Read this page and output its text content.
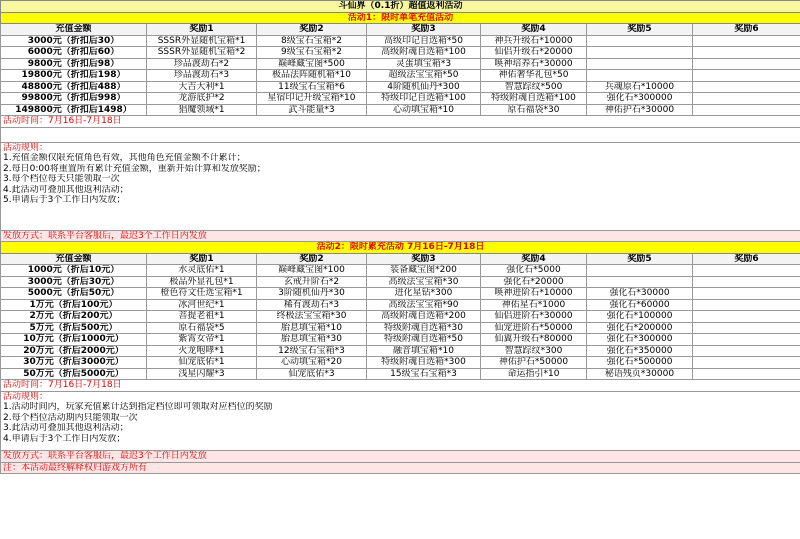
斗仙界（0.1折）超值返利活动						
活动1：限时单笔充值活动						
充值金额	奖励1	奖励2	奖励3	奖励4	奖励5	奖励6
3000元（折扣后30）	SSSR外显随机宝箱*1	8级宝石宝箱*2	高级印记自选箱*50	神兵升级石*10000		
6000元（折扣后60）	SSSR外显随机宝箱*2	9级宝石宝箱*2	高级附魂自选箱*100	仙侣升级石*20000		
9800元（折扣后98）	珍品渡劫石*2	巅峰藏宝图*500	灵蛋填宝箱*3	唤神培养石*30000		
19800元（折扣后198）	珍品渡劫石*3	极品法阵随机箱*10	超级法宝宝箱*50	神佑奢华礼包*50		
48800元（折扣后488）	大吉大利*1	11级宝石宝箱*6	4阶随机仙丹*300	智慧踪纹*500	兵魂原石*10000	
99800元（折扣后998）	龙游底护*2	星宿印记升级宝箱*10	特级印记自选箱*100	特级附魂自选箱*100	强化石*300000	
149800元（折扣后1498）	猖魔领域*1	武斗能量*3	心动填宝箱*10	原石福袋*30	神佑护石*30000	
活动时间：7月16日-7月18日						

活动规则：						
1.充值金额仅限充值角色有效，其他角色充值金额不计累计；						
2.每日0:00将重置所有累计充值金额，重新开始计算和发放奖励；						
3.每个档位每天只能领取一次						
4.此活动可叠加其他返利活动；						
5.申请后于3个工作日内发放；						

发放方式：联系平台客服后，最迟3个工作日内发放						
活动2：限时累充活动 7月16日-7月18日						
充值金额	奖励1	奖励2	奖励3	奖励4	奖励5	奖励6
1000元（折后10元）	水灵底佑*1	巅峰藏宝图*100	装备藏宝图*200	强化石*5000		
3000元（折后30元）	极品外显礼包*1	玄戒升阶石*2	高级法宝宝箱*30	强化石*20000		
5000元（折后50元）	橙色符文任选宝箱*1	3阶随机仙丹*30	进化星钻*300	唤神进阶石*10000	强化石*30000	
1万元（折后100元）	冰河世纪*1	稀有渡劫石*3	高级法宝宝箱*90	神佑星石*1000	强化石*60000	
2万元（折后200元）	菩提老祖*1	终极法宝宝箱*30	高级附魂自选箱*200	仙侣进阶石*30000	强化石*100000	
5万元（折后500元）	原石福袋*5	胎息填宝箱*10	特级附魂自选箱*30	仙宠进阶石*50000	强化石*200000	
10万元（折后1000元）	紫霄女帝*1	胎息填宝箱*30	特级附魂自选箱*50	仙翼升级石*80000	强化石*300000	
20万元（折后2000元）	火龙咆哮*1	12级宝石宝箱*3	融音填宝箱*10	智慧踪纹*300	强化石*350000	
30万元（折后3000元）	仙宠底佑*1	心动填宝箱*20	特级附魂自选箱*300	神佑护石*50000	强化石*500000	
50万元（折后5000元）	浅星闪耀*3	仙宠底佑*3	15级宝石宝箱*3	命运指引*10	秘语残页*30000	
活动时间：7月16日-7月18日						
活动规则：						
1.活动时间内，玩家充值累计达到指定档位即可领取对应档位的奖励						
2.每个档位活动期内只能领取一次						
3.此活动可叠加其他返利活动；						
4.申请后于3个工作日内发放；						

发放方式：联系平台客服后，最迟3个工作日内发放						
注：本活动最终解释权归游戏方所有						
